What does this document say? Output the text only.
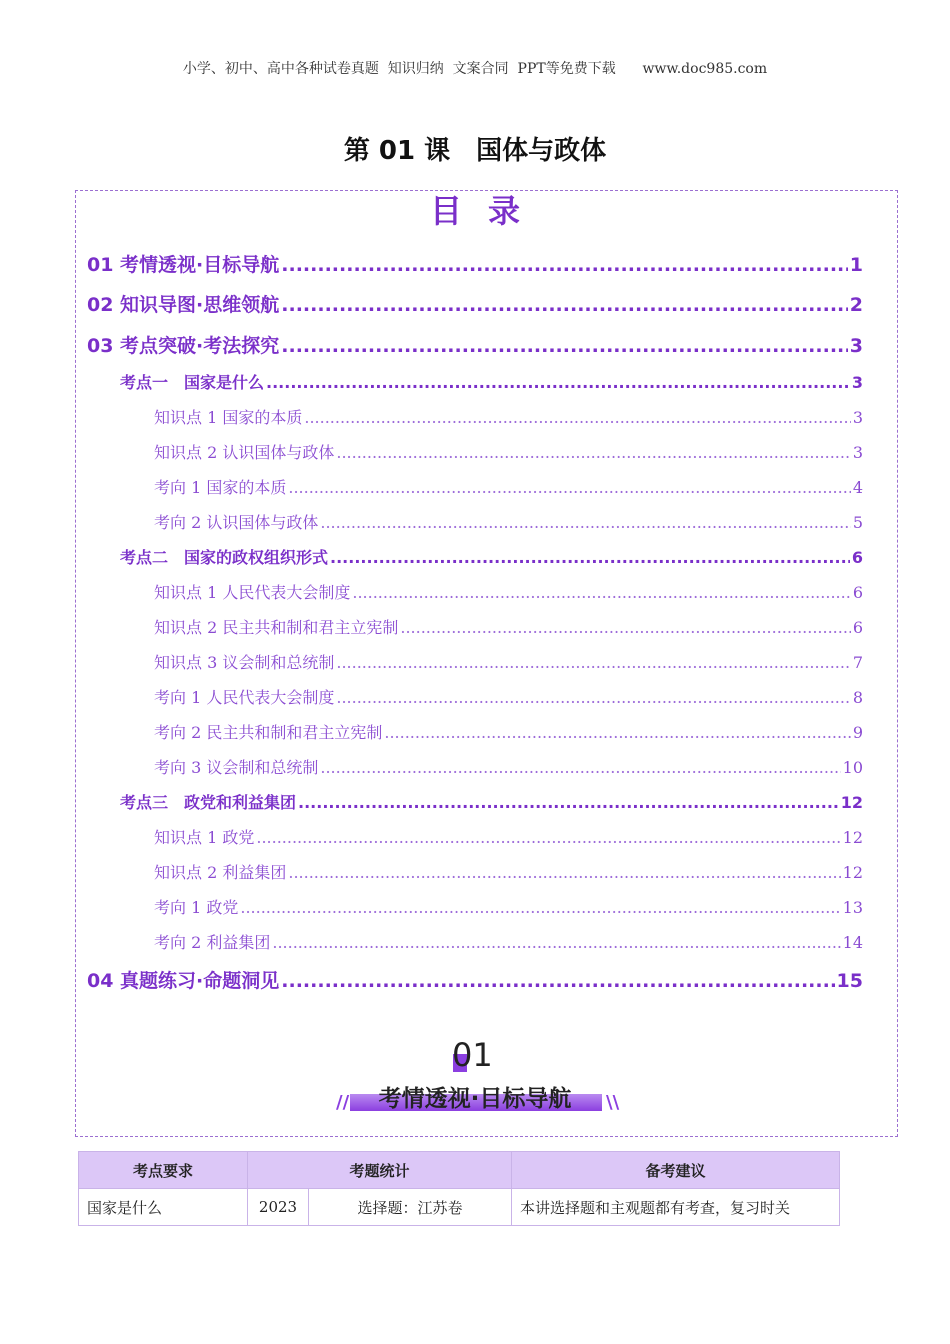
小学、初中、高中各种试卷真题  知识归纳  文案合同  PPT等免费下载      www.doc985.com
第 01 课　国体与政体
目录
01 考情透视·目标导航 .....	1
02 知识导图·思维领航 .....	2
03 考点突破·考法探究 .....	3
考点一　国家是什么 .....	3
知识点 1 国家的本质 .....	3
知识点 2 认识国体与政体 .....	3
考向 1 国家的本质 .....	4
考向 2 认识国体与政体 .....	5
考点二　国家的政权组织形式 .....	6
知识点 1 人民代表大会制度 .....	6
知识点 2 民主共和制和君主立宪制 .....	6
知识点 3 议会制和总统制 .....	7
考向 1 人民代表大会制度 .....	8
考向 2 民主共和制和君主立宪制 .....	9
考向 3 议会制和总统制 .....	10
考点三　政党和利益集团 .....	12
知识点 1 政党 .....	12
知识点 2 利益集团 .....	12
考向 1 政党 .....	13
考向 2 利益集团 .....	14
04 真题练习·命题洞见 .....	15
01
考情透视·目标导航
//	\\
考点要求	考题统计		备考建议
国家是什么	2023	选择题：江苏卷	本讲选择题和主观题都有考查，复习时关
